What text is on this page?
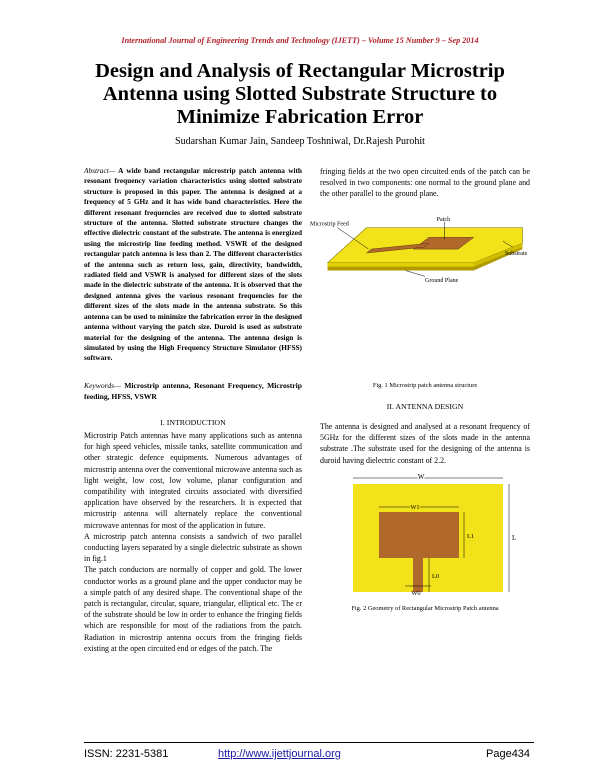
International Journal of Engineering Trends and Technology (IJETT) – Volume 15 Number 9 – Sep 2014
Design and Analysis of Rectangular Microstrip
Antenna using Slotted Substrate Structure to
Minimize Fabrication Error
Sudarshan Kumar Jain, Sandeep Toshniwal, Dr.Rajesh Purohit
Abstract— A wide band rectangular microstrip patch antenna with resonant frequency variation characteristics using slotted substrate structure is proposed in this paper. The antenna is designed at a frequency of 5 GHz and it has wide band characteristics. Here the different resonant frequencies are received due to slotted substrate structure of the antenna. Slotted substrate structure changes the effective dielectric constant of the substrate. The antenna is energized using the microstrip line feeding method. VSWR of the designed rectangular patch antenna is less than 2. The different characteristics of the antenna such as return loss, gain, directivity, bandwidth, radiated field and VSWR is analysed for different sizes of the slots made in the dielectric substrate of the antenna. It is observed that the designed antenna gives the various resonant frequencies for the different sizes of the slots made in the antenna substrate. So this antenna can be used to minimize the fabrication error in the designed antenna without varying the patch size. Duroid is used as substrate material for the designing of the antenna. The antenna design is simulated by using the High Frequency Structure Simulator (HFSS) software.
Keywords— Microstrip antenna, Resonant Frequency, Microstrip feeding, HFSS, VSWR
I. INTRODUCTION

Microstrip Patch antennas have many applications such as antenna for high speed vehicles, missile tanks, satellite communication and other strategic defence equipments. Numerous advantages of microstrip antenna over the conventional microwave antenna such as light weight, low cost, low volume, planar configuration and compatibility with integrated circuits associated with diversified application have observed by the researchers. It is expected that microstrip antenna will alternately replace the conventional microwave antennas for most of the application in future.

A microstrip patch antenna consists a sandwich of two parallel conducting layers separated by a single dielectric substrate as shown in fig.1

The patch conductors are normally of copper and gold. The lower conductor works as a ground plane and the upper conductor may be a simple patch of any desired shape. The conventional shape of the patch is rectangular, circular, square, triangular, elliptical etc. The εr of the substrate should be low in order to enhance the fringing fields which are responsible for most of the radiations from the patch. Radiation in microstrip antenna occurs from the fringing fields existing at the open circuited end or edges of the patch. The

fringing fields at the two open circuited ends of the patch can be resolved in two components: one normal to the ground plane and the other parallel to the ground plane.
Microstrip Feed
Patch
Substrate
Ground Plane
Fig. 1 Microstrip patch antenna structure
II. ANTENNA DESIGN
The antenna is designed and analysed at a resonant frequency of 5GHz for the different sizes of the slots made in the antenna substrate .The substrate used for the designing of the antenna is duroid having dielectric constant of 2.2.
W
L
W1
L1
L0
W0
Fig. 2 Geometry of Rectangular Microstrip Patch antenna
ISSN: 2231-5381	http://www.ijettjournal.org	Page434
